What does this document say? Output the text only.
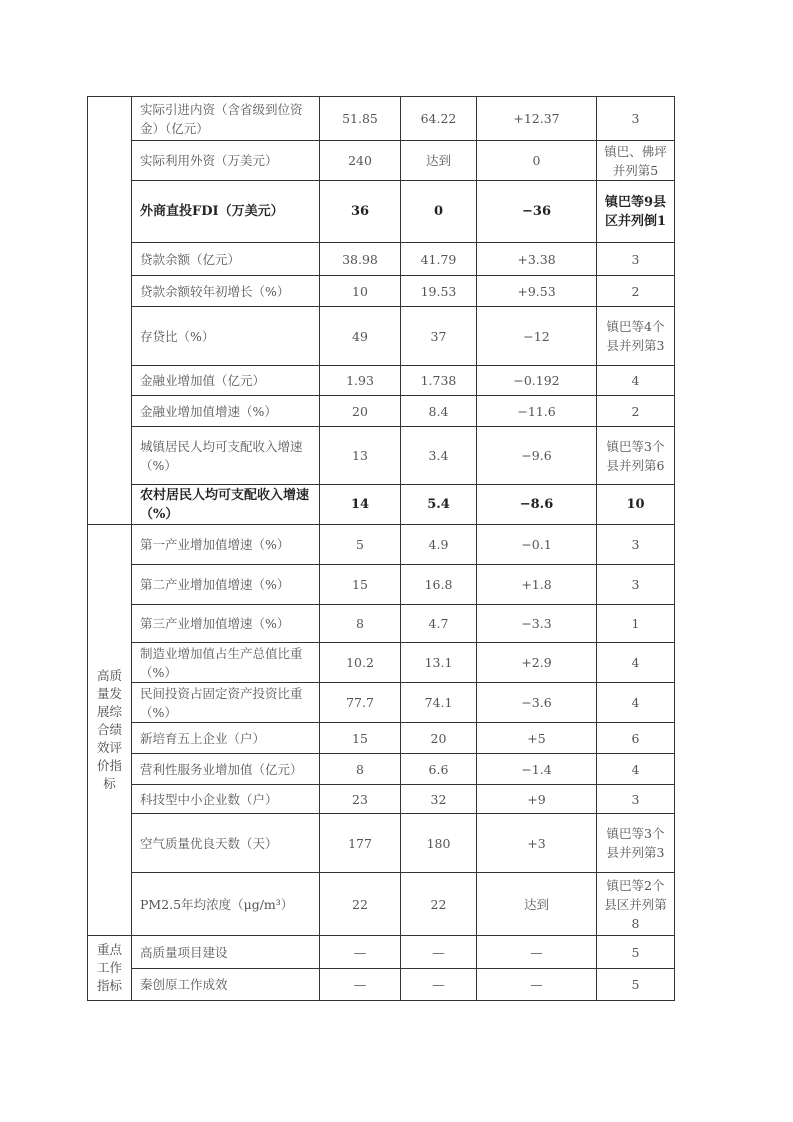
	实际引进内资（含省级到位资金）（亿元）	51.85	64.22	+12.37	3
	实际利用外资（万美元）	240	达到	0	镇巴、佛坪并列第5
	外商直投FDI（万美元）	36	0	−36	镇巴等9县区并列倒1
	贷款余额（亿元）	38.98	41.79	+3.38	3
	贷款余额较年初增长（%）	10	19.53	+9.53	2
	存贷比（%）	49	37	−12	镇巴等4个县并列第3
	金融业增加值（亿元）	1.93	1.738	−0.192	4
	金融业增加值增速（%）	20	8.4	−11.6	2
	城镇居民人均可支配收入增速（%）	13	3.4	−9.6	镇巴等3个县并列第6
	农村居民人均可支配收入增速（%）	14	5.4	−8.6	10
高质量发展综合绩效评价指标	第一产业增加值增速（%）	5	4.9	−0.1	3
	第二产业增加值增速（%）	15	16.8	+1.8	3
	第三产业增加值增速（%）	8	4.7	−3.3	1
	制造业增加值占生产总值比重（%）	10.2	13.1	+2.9	4
	民间投资占固定资产投资比重（%）	77.7	74.1	−3.6	4
	新培育五上企业（户）	15	20	+5	6
	营利性服务业增加值（亿元）	8	6.6	−1.4	4
	科技型中小企业数（户）	23	32	+9	3
	空气质量优良天数（天）	177	180	+3	镇巴等3个县并列第3
	PM2.5年均浓度（μg/m³）	22	22	达到	镇巴等2个县区并列第8
重点工作指标	高质量项目建设	—	—	—	5
	秦创原工作成效	—	—	—	5
